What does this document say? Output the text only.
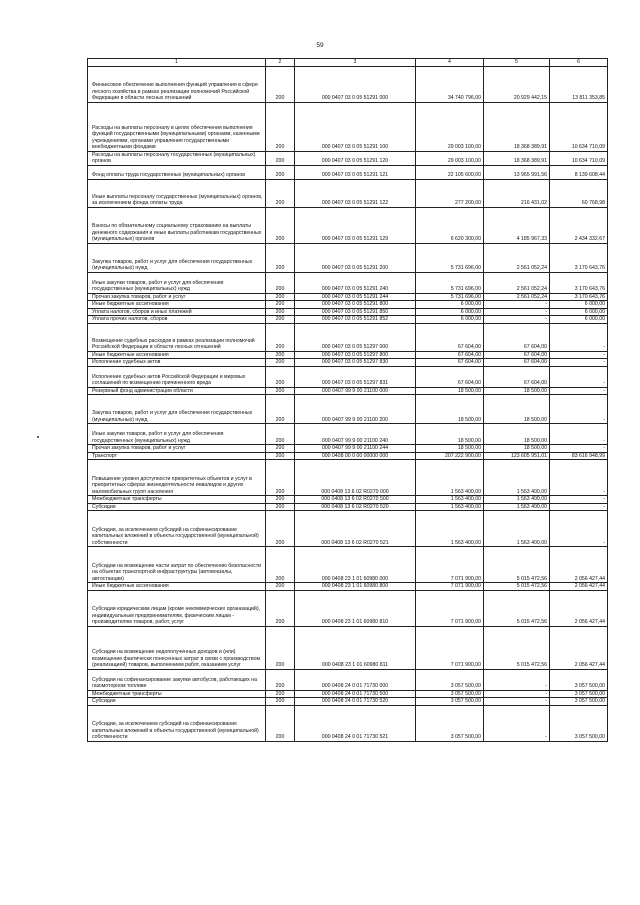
59
1	2	3	4	5	6
Финансовое обеспечение выполнения функций управления в сфере лесного хозяйства в рамках реализации полномочий Российской Федерации в области лесных отношений	200	000 0407 03 0 05 51291 000	34 740 796,00	20 929 442,15	13 811 353,85
Расходы на выплаты персоналу в целях обеспечения выполнения функций государственными (муниципальными) органами, казенными учреждениями, органами управления государственными внебюджетными фондами	200	000 0407 03 0 05 51291 100	29 003 100,00	18 368 389,91	10 634 710,09
Расходы на выплаты персоналу государственных (муниципальных) органов	200	000 0407 03 0 05 51291 120	29 003 100,00	18 368 389,91	10 634 710,09
Фонд оплаты труда государственных (муниципальных) органов	200	000 0407 03 0 05 51291 121	22 105 600,00	13 965 991,56	8 139 608,44
Иные выплаты персоналу государственных (муниципальных) органов, за исключением фонда оплаты труда	200	000 0407 03 0 05 51291 122	277 200,00	216 431,02	60 768,98
Взносы по обязательному социальному страхованию на выплаты денежного содержания и иные выплаты работникам государственных (муниципальных) органов	200	000 0407 03 0 05 51291 129	6 620 300,00	4 185 967,33	2 434 332,67
Закупка товаров, работ и услуг для обеспечения государственных (муниципальных) нужд	200	000 0407 03 0 05 51291 200	5 731 696,00	2 561 052,24	3 170 643,76
Иные закупки товаров, работ и услуг для обеспечения государственных (муниципальных) нужд	200	000 0407 03 0 05 51291 240	5 731 696,00	2 561 052,24	3 170 643,76
Прочая закупка товаров, работ и услуг	200	000 0407 03 0 05 51291 244	5 731 696,00	2 561 052,24	3 170 643,76
Иные бюджетные ассигнования	200	000 0407 03 0 05 51291 800	6 000,00	-	6 000,00
Уплата налогов, сборов и иных платежей	200	000 0407 03 0 05 51291 850	6 000,00	-	6 000,00
Уплата прочих налогов, сборов	200	000 0407 03 0 05 51291 852	6 000,00	-	6 000,00
Возмещение судебных расходов в рамках реализации полномочий Российской Федерации в области лесных отношений	200	000 0407 03 0 05 51297 000	67 604,00	67 604,00	-
Иные бюджетные ассигнования	200	000 0407 03 0 05 51297 800	67 604,00	67 604,00	-
Исполнение судебных актов	200	000 0407 03 0 05 51297 830	67 604,00	67 604,00	-
Исполнение судебных актов Российской Федерации и мировых соглашений по возмещению причиненного вреда	200	000 0407 03 0 05 51297 831	67 604,00	67 604,00	-
Резервный фонд администрации области	200	000 0407 99 9 00 21100 000	18 500,00	18 500,00	-
Закупка товаров, работ и услуг для обеспечения государственных (муниципальных) нужд	200	000 0407 99 9 00 21100 200	18 500,00	18 500,00	-
Иные закупки товаров, работ и услуг для обеспечения государственных (муниципальных) нужд	200	000 0407 99 9 00 21100 240	18 500,00	18 500,00	-
Прочая закупка товаров, работ и услуг	200	000 0407 99 9 00 21100 244	18 500,00	18 500,00	-
Транспорт	200	000 0408 00 0 00 00000 000	207 222 900,00	123 605 951,01	83 616 948,99
Повышение уровня доступности приоритетных объектов и услуг в приоритетных сферах жизнедеятельности инвалидов и других маломобильных групп населения	200	000 0408 13 6 02 R0270 000	1 563 400,00	1 563 400,00	-
Межбюджетные трансферты	200	000 0408 13 6 02 R0270 500	1 563 400,00	1 563 400,00	-
Субсидии	200	000 0408 13 6 02 R0270 520	1 563 400,00	1 563 400,00	-
Субсидии, за исключением субсидий на софинансирование капитальных вложений в объекты государственной (муниципальной) собственности	200	000 0408 13 6 02 R0270 521	1 563 400,00	1 563 400,00	-
Субсидии на возмещение части затрат по обеспечению безопасности на объектах транспортной инфраструктуры (автовокзалы, автостанции)	200	000 0408 23 1 01 60980 000	7 071 900,00	5 015 472,56	2 056 427,44
Иные бюджетные ассигнования	200	000 0408 23 1 01 60980 800	7 071 900,00	5 015 472,56	2 056 427,44
Субсидии юридическим лицам (кроме некоммерческих организаций), индивидуальным предпринимателям, физическим лицам - производителям товаров, работ, услуг	200	000 0408 23 1 01 60980 810	7 071 900,00	5 015 472,56	2 056 427,44
Субсидии на возмещение недополученных доходов и (или) возмещение фактически понесенных затрат в связи с производством (реализацией) товаров, выполнением работ, оказанием услуг	200	000 0408 23 1 01 60980 811	7 071 900,00	5 015 472,56	2 056 427,44
Субсидии на софинансирование закупки автобусов, работающих на газомоторном топливе	200	000 0408 24 0 01 71730 000	3 057 500,00	-	3 057 500,00
Межбюджетные трансферты	200	000 0408 24 0 01 71730 500	3 057 500,00	-	3 057 500,00
Субсидии	200	000 0408 24 0 01 71730 520	3 057 500,00	-	3 057 500,00
Субсидии, за исключением субсидий на софинансирование капитальных вложений в объекты государственной (муниципальной) собственности	200	000 0408 24 0 01 71730 521	3 057 500,00	-	3 057 500,00
